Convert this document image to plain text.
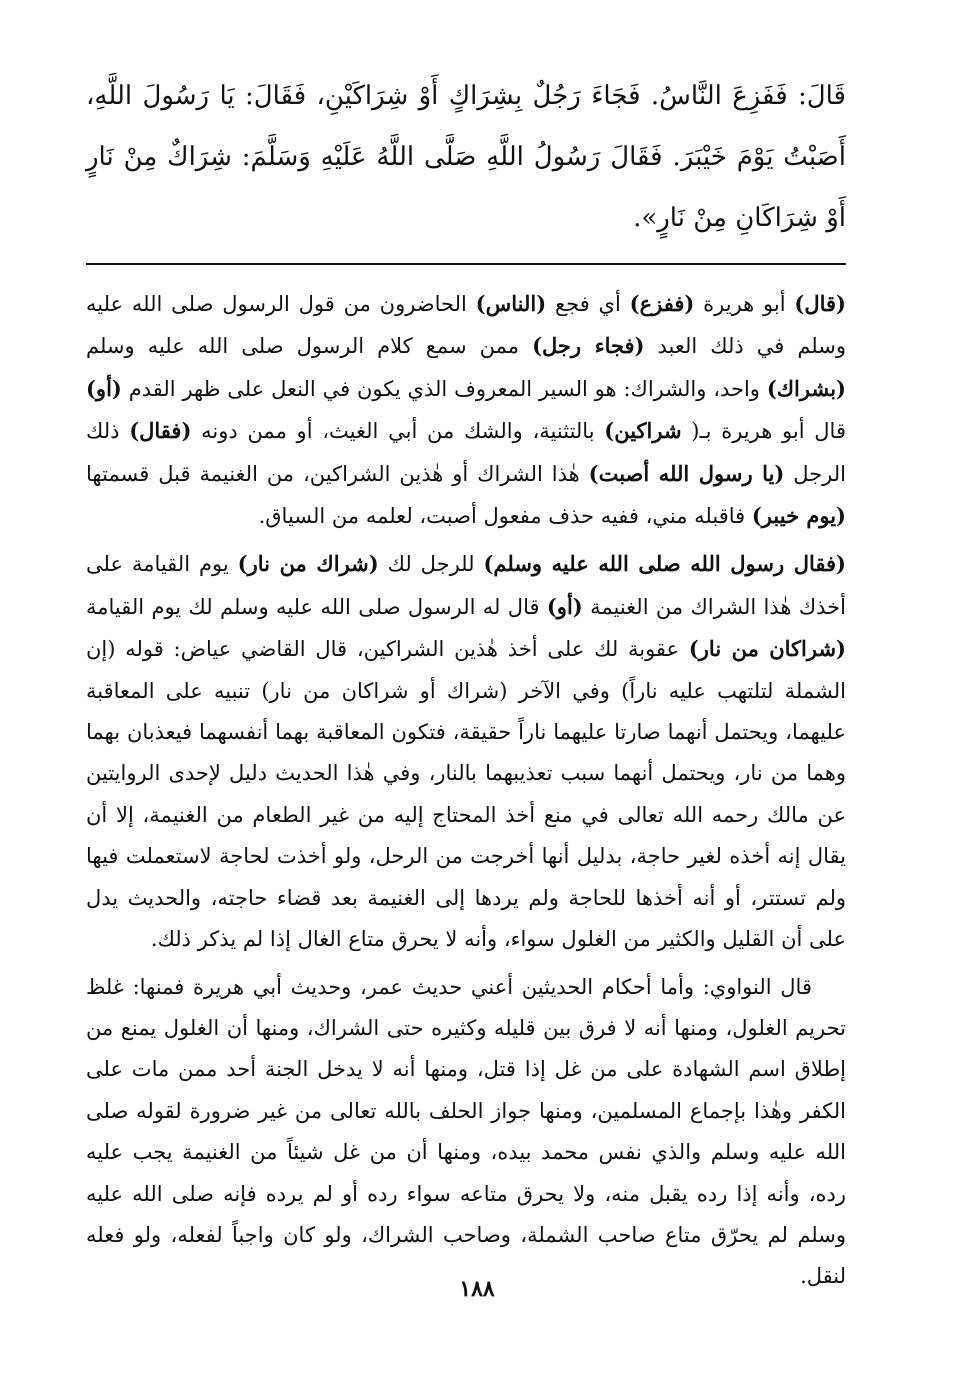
قَالَ: فَفَزِعَ النَّاسُ. فَجَاءَ رَجُلٌ بِشِرَاكٍ أَوْ شِرَاكَيْنِ، فَقَالَ: يَا رَسُولَ اللَّهِ، أَصَبْتُ يَوْمَ خَيْبَرَ. فَقَالَ رَسُولُ اللَّهِ صَلَّى اللَّهُ عَلَيْهِ وَسَلَّمَ: شِرَاكٌ مِنْ نَارٍ أَوْ شِرَاكَانِ مِنْ نَارٍ».

(قال) أبو هريرة (ففزع) أي فجع (الناس) الحاضرون من قول الرسول صلى الله عليه وسلم في ذلك العبد (فجاء رجل) ممن سمع كلام الرسول صلى الله عليه وسلم (بشراك) واحد، والشراك: هو السير المعروف الذي يكون في النعل على ظهر القدم (أو) قال أبو هريرة بـ( شراكين) بالتثنية، والشك من أبي الغيث، أو ممن دونه (فقال) ذلك الرجل (يا رسول الله أصبت) هٰذا الشراك أو هٰذين الشراكين، من الغنيمة قبل قسمتها (يوم خيبر) فاقبله مني، ففيه حذف مفعول أصبت، لعلمه من السياق.

(فقال رسول الله صلى الله عليه وسلم) للرجل لك (شراك من نار) يوم القيامة على أخذك هٰذا الشراك من الغنيمة (أو) قال له الرسول صلى الله عليه وسلم لك يوم القيامة (شراكان من نار) عقوبة لك على أخذ هٰذين الشراكين، قال القاضي عياض: قوله (إن الشملة لتلتهب عليه ناراً) وفي الآخر (شراك أو شراكان من نار) تنبيه على المعاقبة عليهما، ويحتمل أنهما صارتا عليهما ناراً حقيقة، فتكون المعاقبة بهما أنفسهما فيعذبان بهما وهما من نار، ويحتمل أنهما سبب تعذيبهما بالنار، وفي هٰذا الحديث دليل لإحدى الروايتين عن مالك رحمه الله تعالى في منع أخذ المحتاج إليه من غير الطعام من الغنيمة، إلا أن يقال إنه أخذه لغير حاجة، بدليل أنها أخرجت من الرحل، ولو أخذت لحاجة لاستعملت فيها ولم تستتر، أو أنه أخذها للحاجة ولم يردها إلى الغنيمة بعد قضاء حاجته، والحديث يدل على أن القليل والكثير من الغلول سواء، وأنه لا يحرق متاع الغال إذا لم يذكر ذلك.

قال النواوي: وأما أحكام الحديثين أعني حديث عمر، وحديث أبي هريرة فمنها: غلظ تحريم الغلول، ومنها أنه لا فرق بين قليله وكثيره حتى الشراك، ومنها أن الغلول يمنع من إطلاق اسم الشهادة على من غل إذا قتل، ومنها أنه لا يدخل الجنة أحد ممن مات على الكفر وهٰذا بإجماع المسلمين، ومنها جواز الحلف بالله تعالى من غير ضرورة لقوله صلى الله عليه وسلم والذي نفس محمد بيده، ومنها أن من غل شيئاً من الغنيمة يجب عليه رده، وأنه إذا رده يقبل منه، ولا يحرق متاعه سواء رده أو لم يرده فإنه صلى الله عليه وسلم لم يحرّق متاع صاحب الشملة، وصاحب الشراك، ولو كان واجباً لفعله، ولو فعله لنقل.

١٨٨
